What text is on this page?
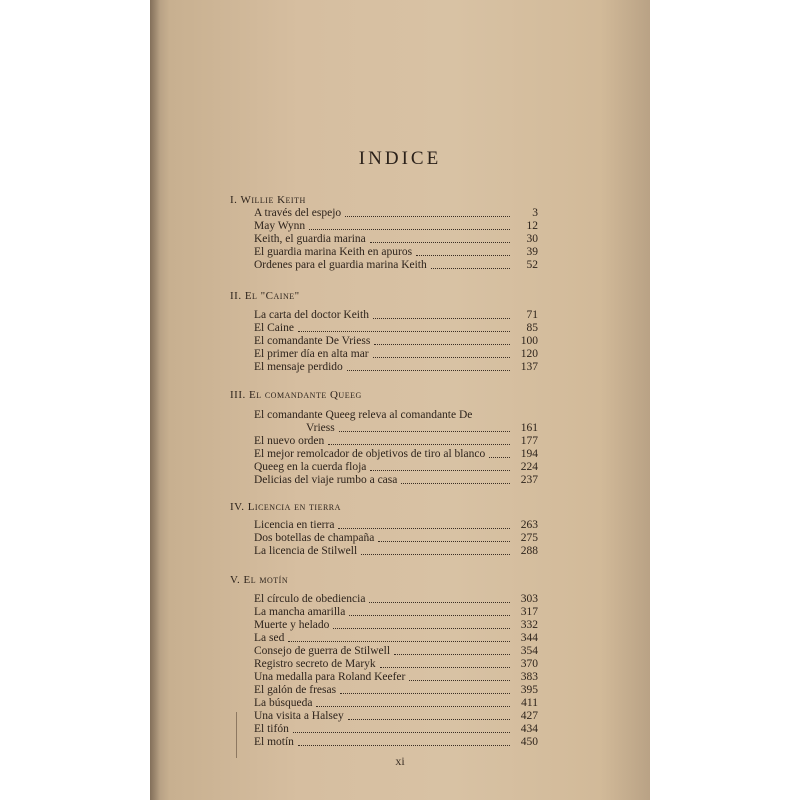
INDICE
I. Willie Keith
A través del espejo	3
May Wynn	12
Keith, el guardia marina	30
El guardia marina Keith en apuros	39
Ordenes para el guardia marina Keith	52
II. El "Caine"
La carta del doctor Keith	71
El Caine	85
El comandante De Vriess	100
El primer día en alta mar	120
El mensaje perdido	137
III. El comandante Queeg
El comandante Queeg releva al comandante De
Vriess	161
El nuevo orden	177
El mejor remolcador de objetivos de tiro al blanco	194
Queeg en la cuerda floja	224
Delicias del viaje rumbo a casa	237
IV. Licencia en tierra
Licencia en tierra	263
Dos botellas de champaña	275
La licencia de Stilwell	288
V. El motín
El círculo de obediencia	303
La mancha amarilla	317
Muerte y helado	332
La sed	344
Consejo de guerra de Stilwell	354
Registro secreto de Maryk	370
Una medalla para Roland Keefer	383
El galón de fresas	395
La búsqueda	411
Una visita a Halsey	427
El tifón	434
El motín	450
xi
